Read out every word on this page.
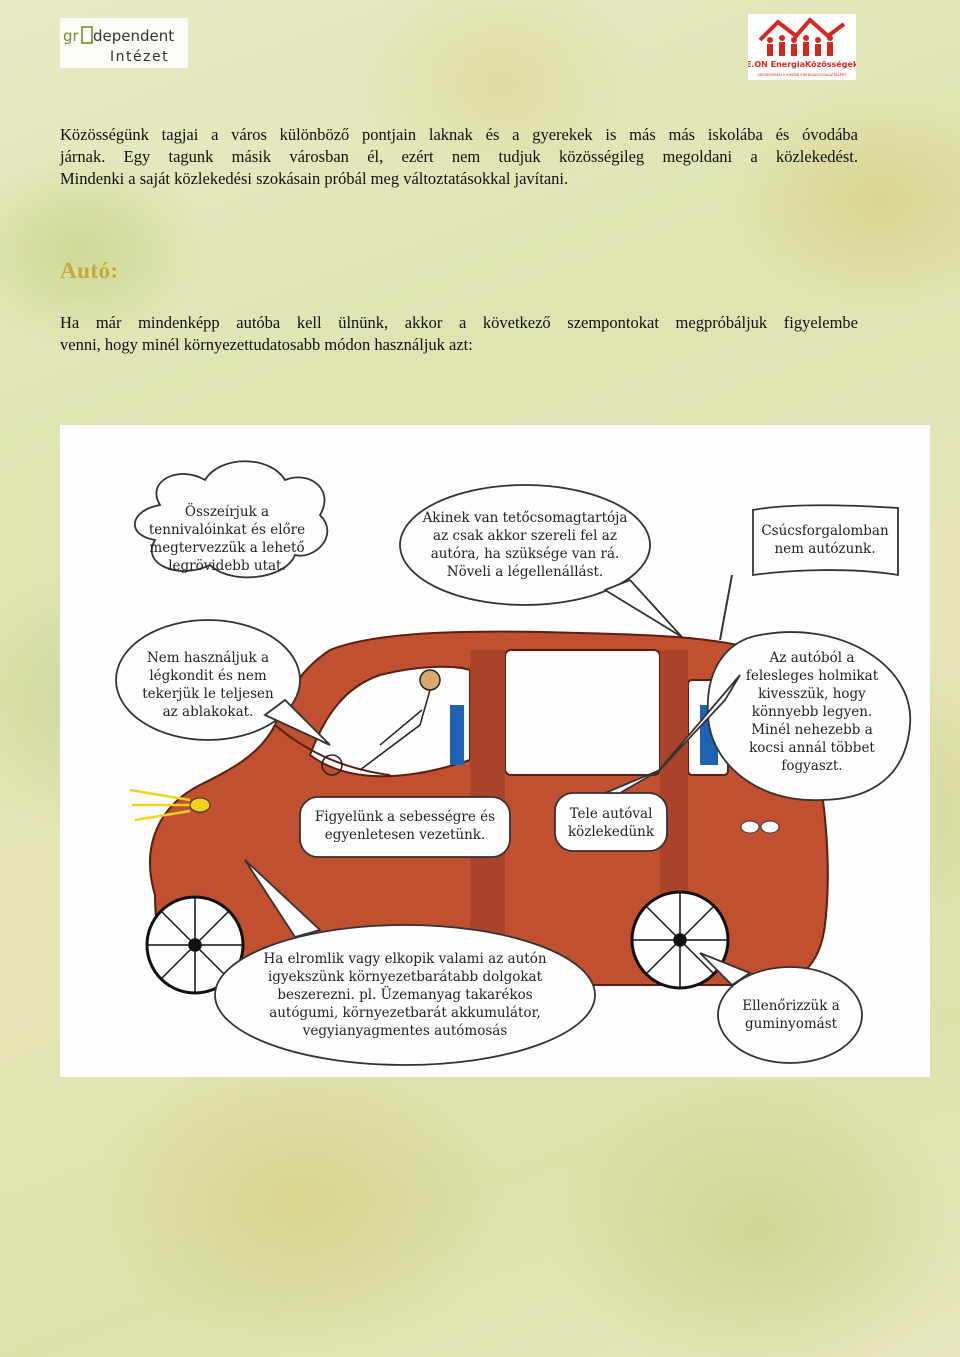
gr dependent
Intézet	E.ON EnergiaKözösségek
VERSENYBEN A KISEBB ENERGIAFOGYASZTÁSÉRT
Közösségünk tagjai a város különböző pontjain laknak és a gyerekek is más más iskolába és óvodába
járnak. Egy tagunk másik városban él, ezért nem tudjuk közösségileg megoldani a közlekedést.
Mindenki a saját közlekedési szokásain próbál meg változtatásokkal javítani.
Autó:
Ha már mindenképp autóba kell ülnünk, akkor a következő szempontokat megpróbáljuk figyelembe
venni, hogy minél környezettudatosabb módon használjuk azt:
Összeírjuk a
tennivalóinkat és előre
megtervezzük a lehető
legrövidebb utat.
Akinek van tetőcsomagtartója
az csak akkor szereli fel az
autóra, ha szüksége van rá.
Növeli a légellenállást.
Csúcsforgalomban
nem autózunk.
Nem használjuk a
légkondit és nem
tekerjük le teljesen
az ablakokat.
Az autóból a
felesleges holmikat
kivesszük, hogy
könnyebb legyen.
Minél nehezebb a
kocsi annál többet
fogyaszt.
Figyelünk a sebességre és
egyenletesen vezetünk.
Tele autóval
közlekedünk
Ha elromlik vagy elkopik valami az autón
igyekszünk környezetbarátabb dolgokat
beszerezni. pl. Üzemanyag takarékos
autógumi, környezetbarát akkumulátor,
vegyianyagmentes autómosás
Ellenőrizzük a
guminyomást
